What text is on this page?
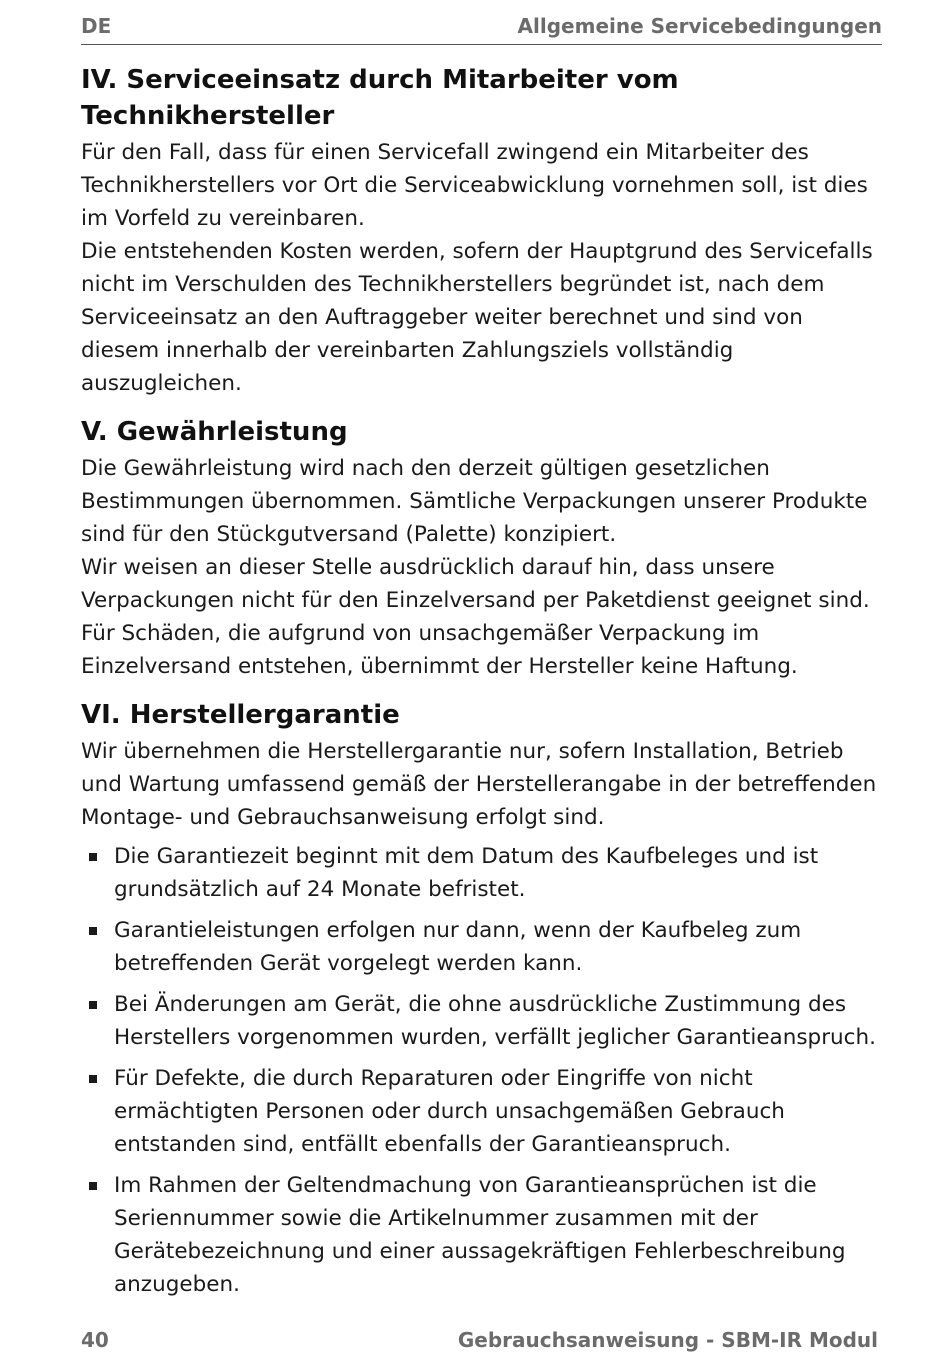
DE	Allgemeine Servicebedingungen
IV. Serviceeinsatz durch Mitarbeiter vom Technikhersteller

Für den Fall, dass für einen Servicefall zwingend ein Mitarbeiter des Technikherstellers vor Ort die Serviceabwicklung vornehmen soll, ist dies im Vorfeld zu vereinbaren.

Die entstehenden Kosten werden, sofern der Hauptgrund des Servicefalls nicht im Verschulden des Technikherstellers begründet ist, nach dem Serviceeinsatz an den Auftraggeber weiter berechnet und sind von diesem innerhalb der vereinbarten Zahlungsziels vollständig auszugleichen.

V. Gewährleistung

Die Gewährleistung wird nach den derzeit gültigen gesetzlichen Bestimmungen übernommen. Sämtliche Verpackungen unserer Produkte sind für den Stückgutversand (Palette) konzipiert.

Wir weisen an dieser Stelle ausdrücklich darauf hin, dass unsere Verpackungen nicht für den Einzelversand per Paketdienst geeignet sind. Für Schäden, die aufgrund von unsachgemäßer Verpackung im Einzelversand entstehen, übernimmt der Hersteller keine Haftung.

VI. Herstellergarantie

Wir übernehmen die Herstellergarantie nur, sofern Installation, Betrieb und Wartung umfassend gemäß der Herstellerangabe in der betreffenden Montage- und Gebrauchsanweisung erfolgt sind.

Die Garantiezeit beginnt mit dem Datum des Kaufbeleges und ist grundsätzlich auf 24 Monate befristet.
Garantieleistungen erfolgen nur dann, wenn der Kaufbeleg zum betreffenden Gerät vorgelegt werden kann.
Bei Änderungen am Gerät, die ohne ausdrückliche Zustimmung des Herstellers vorgenommen wurden, verfällt jeglicher Garantieanspruch.
Für Defekte, die durch Reparaturen oder Eingriffe von nicht ermächtigten Personen oder durch unsachgemäßen Gebrauch entstanden sind, entfällt ebenfalls der Garantieanspruch.
Im Rahmen der Geltendmachung von Garantieansprüchen ist die Seriennummer sowie die Artikelnummer zusammen mit der Gerätebezeichnung und einer aussagekräftigen Fehlerbeschreibung anzugeben.
40	Gebrauchsanweisung - SBM-IR Modul
